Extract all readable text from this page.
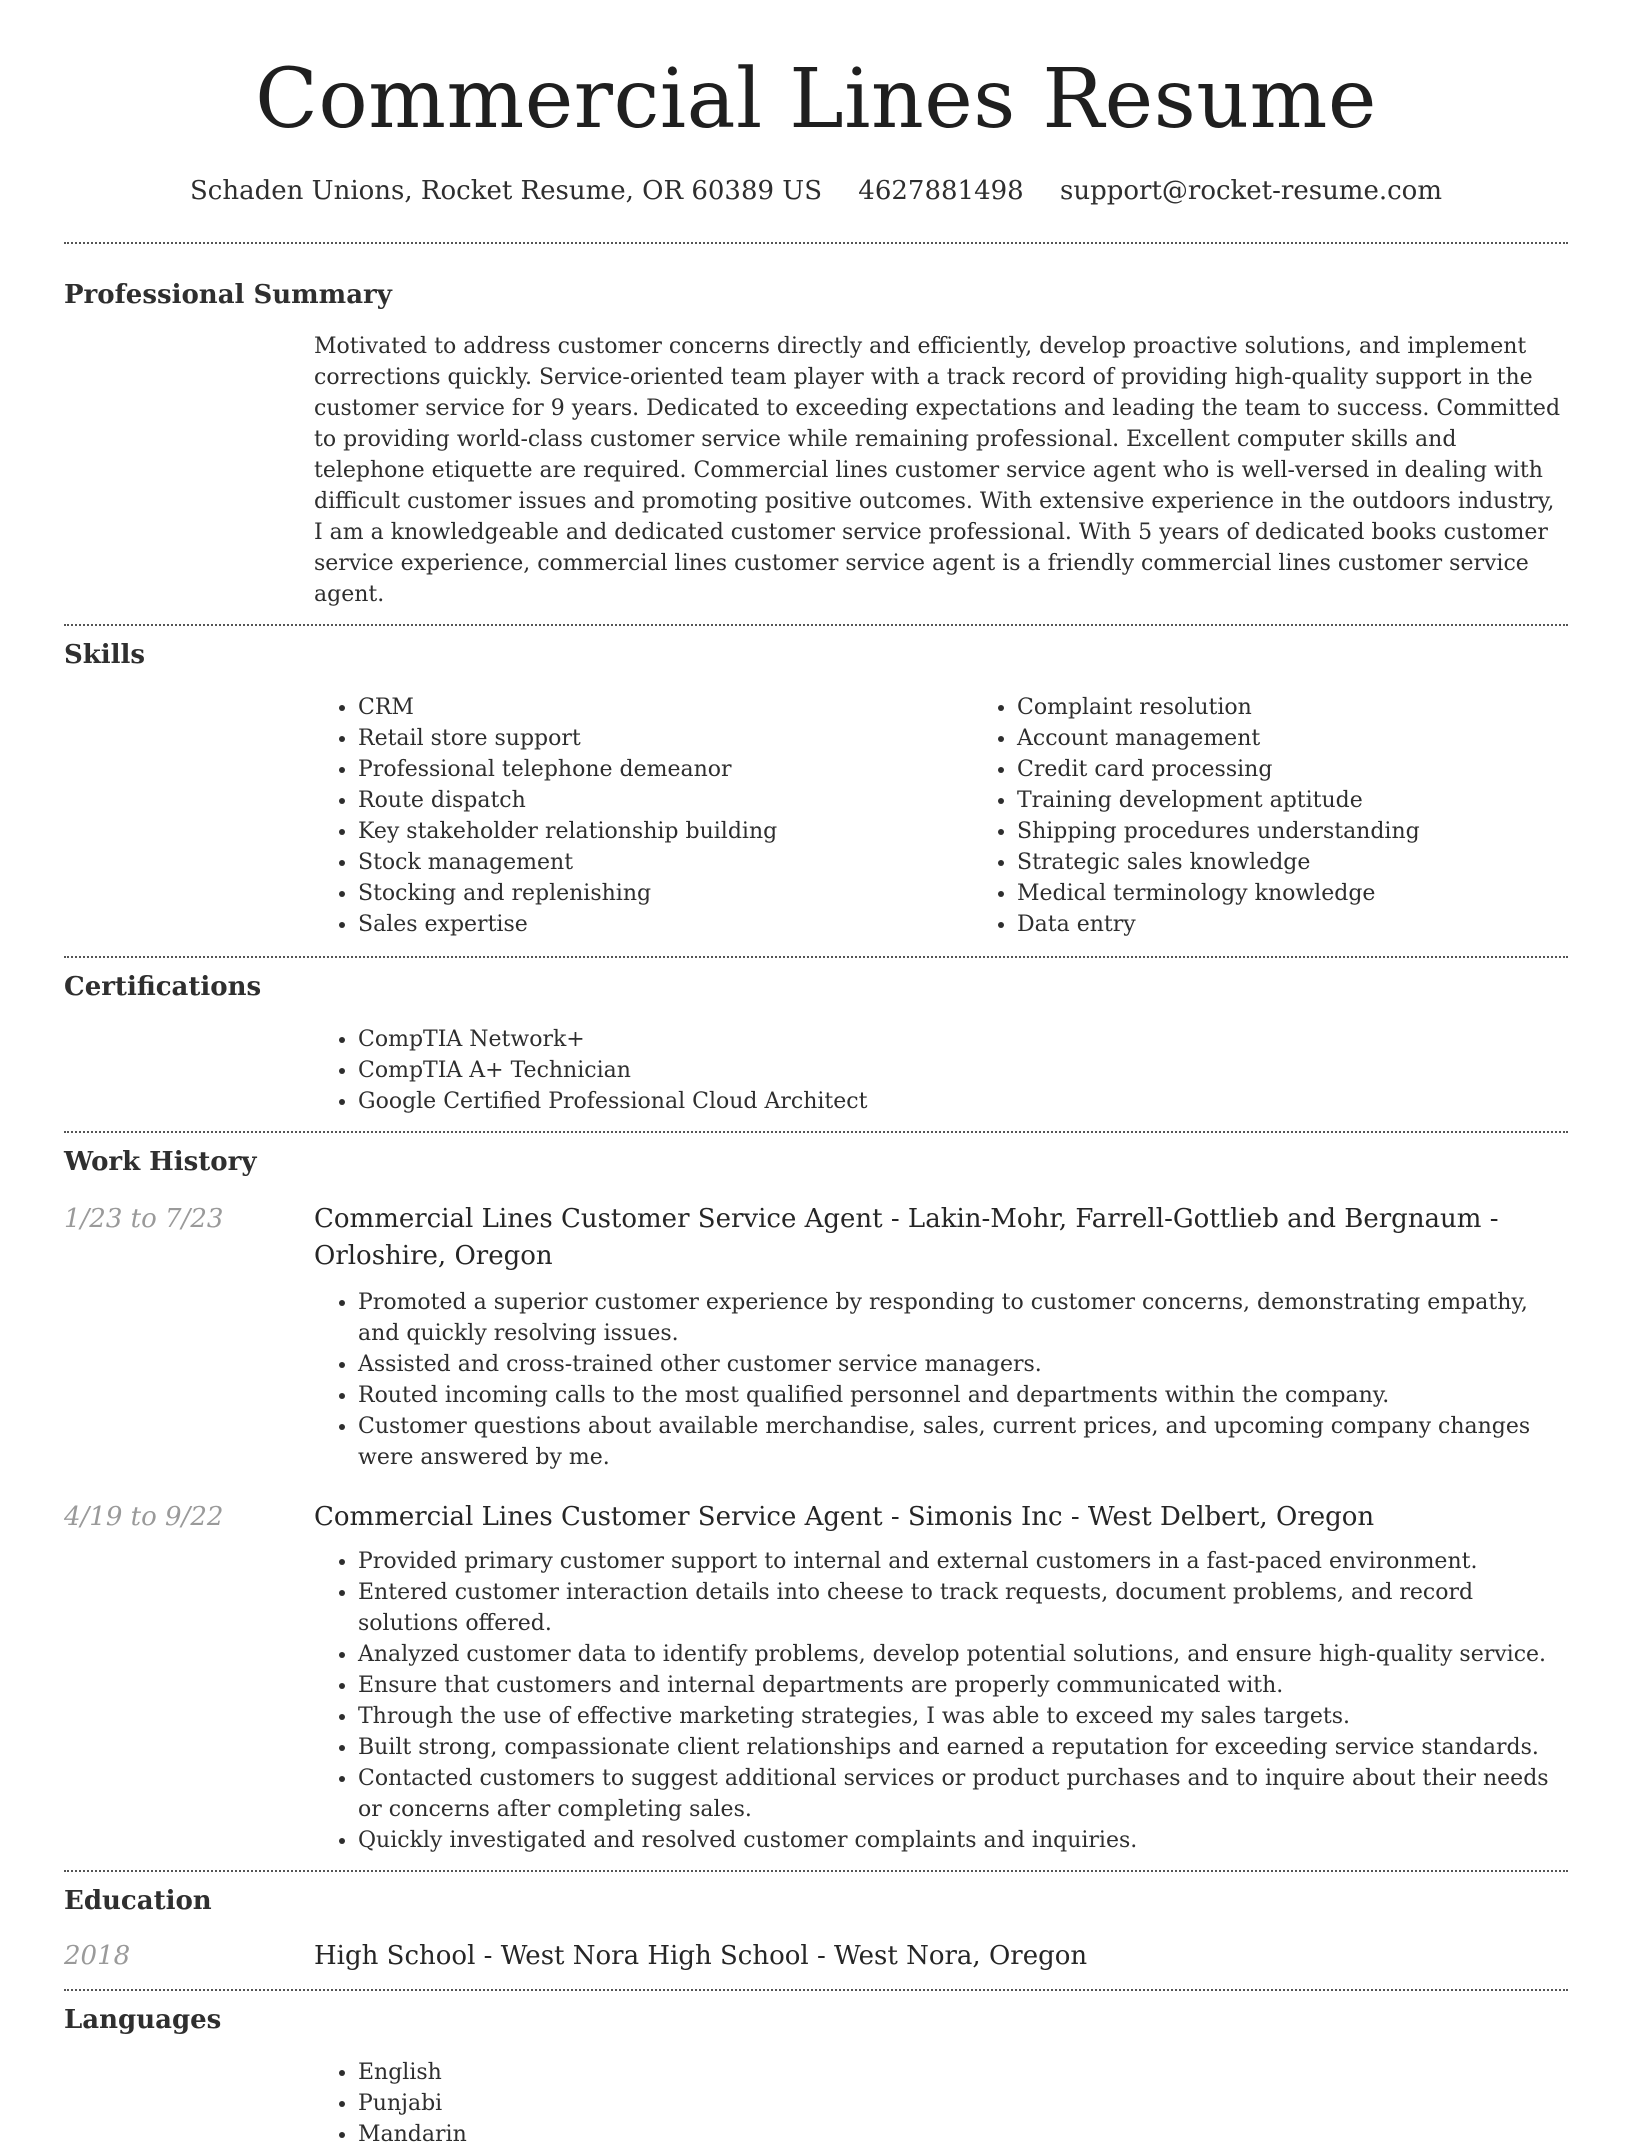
Commercial Lines Resume
Schaden Unions, Rocket Resume, OR 60389 US 4627881498 support@rocket-resume.com
Professional Summary

Motivated to address customer concerns directly and efficiently, develop proactive solutions, and implement corrections quickly. Service-oriented team player with a track record of providing high-quality support in the customer service for 9 years. Dedicated to exceeding expectations and leading the team to success. Committed to providing world-class customer service while remaining professional. Excellent computer skills and telephone etiquette are required. Commercial lines customer service agent who is well-versed in dealing with difficult customer issues and promoting positive outcomes. With extensive experience in the outdoors industry, I am a knowledgeable and dedicated customer service professional. With 5 years of dedicated books customer service experience, commercial lines customer service agent is a friendly commercial lines customer service agent.

Skills
• CRM
• Retail store support
• Professional telephone demeanor
• Route dispatch
• Key stakeholder relationship building
• Stock management
• Stocking and replenishing
• Sales expertise
• Complaint resolution
• Account management
• Credit card processing
• Training development aptitude
• Shipping procedures understanding
• Strategic sales knowledge
• Medical terminology knowledge
• Data entry
Certifications
• CompTIA Network+
• CompTIA A+ Technician
• Google Certified Professional Cloud Architect
Work History
1/23 to 7/23	Commercial Lines Customer Service Agent - Lakin-Mohr, Farrell-Gottlieb and Bergnaum - Orloshire, Oregon

• Promoted a superior customer experience by responding to customer concerns, demonstrating empathy, and quickly resolving issues.
• Assisted and cross-trained other customer service managers.
• Routed incoming calls to the most qualified personnel and departments within the company.
• Customer questions about available merchandise, sales, current prices, and upcoming company changes were answered by me.
4/19 to 9/22	Commercial Lines Customer Service Agent - Simonis Inc - West Delbert, Oregon

• Provided primary customer support to internal and external customers in a fast-paced environment.
• Entered customer interaction details into cheese to track requests, document problems, and record solutions offered.
• Analyzed customer data to identify problems, develop potential solutions, and ensure high-quality service.
• Ensure that customers and internal departments are properly communicated with.
• Through the use of effective marketing strategies, I was able to exceed my sales targets.
• Built strong, compassionate client relationships and earned a reputation for exceeding service standards.
• Contacted customers to suggest additional services or product purchases and to inquire about their needs or concerns after completing sales.
• Quickly investigated and resolved customer complaints and inquiries.
Education
2018	High School - West Nora High School - West Nora, Oregon

Languages
• English
• Punjabi
• Mandarin
